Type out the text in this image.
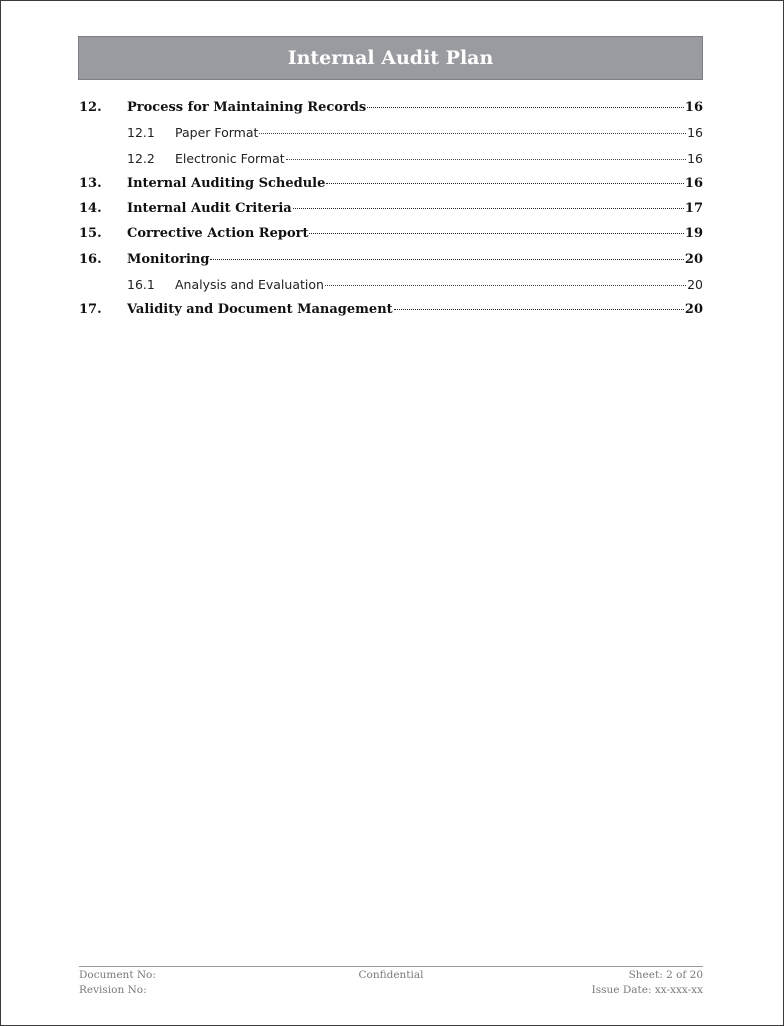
Internal Audit Plan
12.	Process for Maintaining Records	16
12.1	Paper Format	16
12.2	Electronic Format	16
13.	Internal Auditing Schedule	16
14.	Internal Audit Criteria	17
15.	Corrective Action Report	19
16.	Monitoring	20
16.1	Analysis and Evaluation	20
17.	Validity and Document Management	20
Document No:
Revision No:
Confidential	Sheet: 2 of 20
Issue Date: xx-xxx-xx
